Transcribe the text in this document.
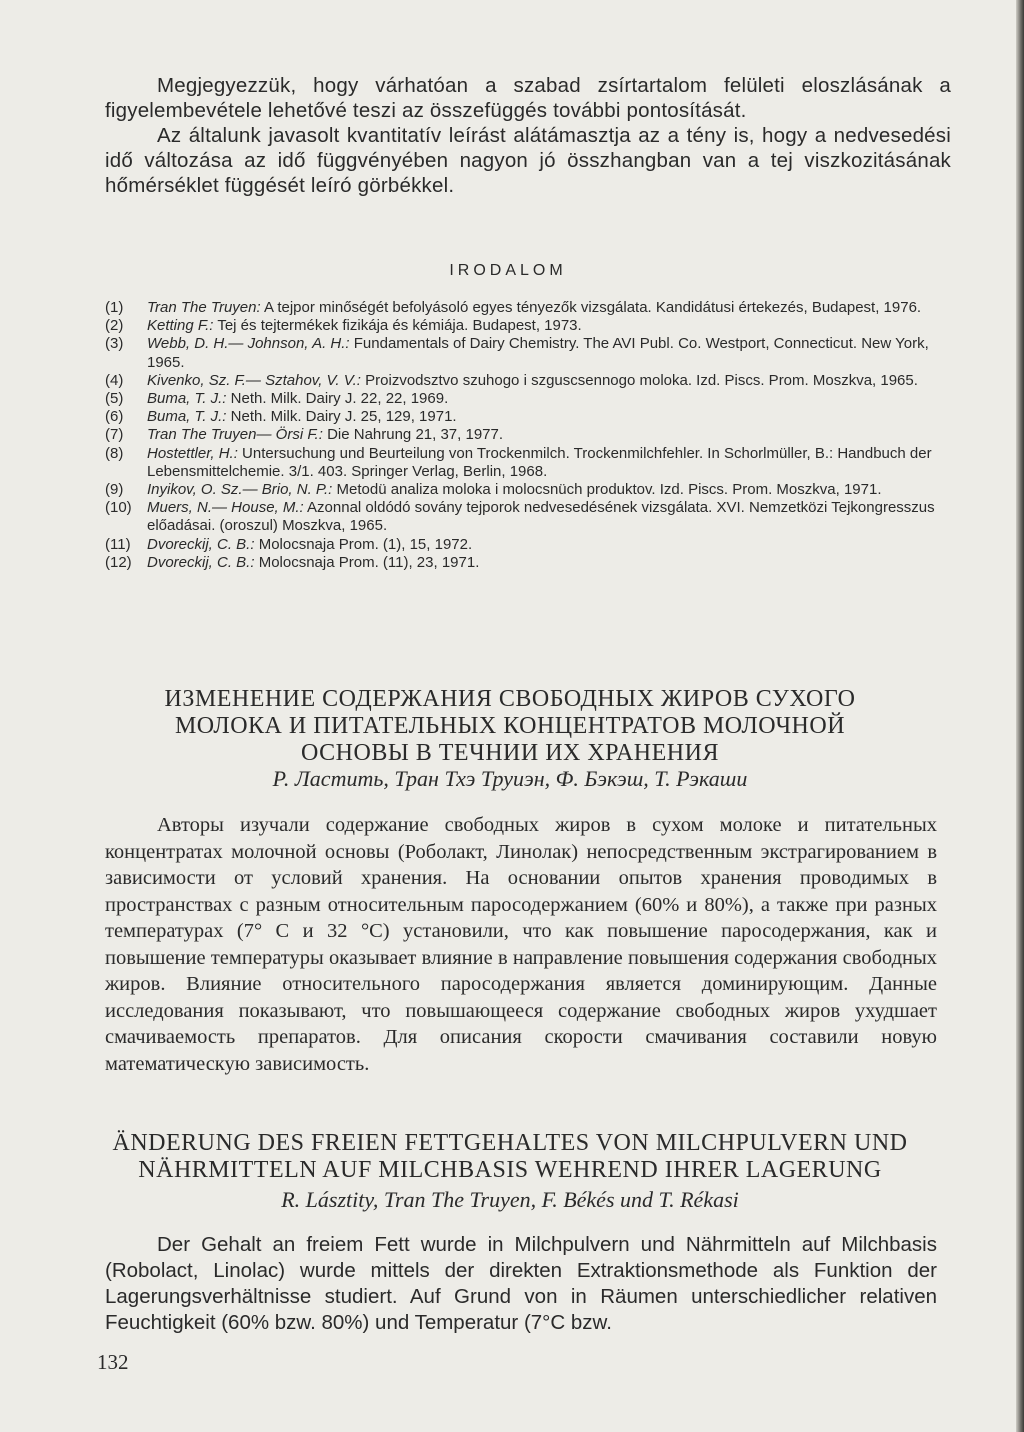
Megjegyezzük, hogy várhatóan a szabad zsírtartalom felületi eloszlásának a figyelembevétele lehetővé teszi az összefüggés további pontosítását.

Az általunk javasolt kvantitatív leírást alátámasztja az a tény is, hogy a nedvesedési idő változása az idő függvényében nagyon jó összhangban van a tej viszkozitásának hőmérséklet függését leíró görbékkel.

IRODALOM
(1)	Tran The Truyen: A tejpor minőségét befolyásoló egyes tényezők vizsgálata. Kandidátusi értekezés, Budapest, 1976.
(2)	Ketting F.: Tej és tejtermékek fizikája és kémiája. Budapest, 1973.
(3)	Webb, D. H.— Johnson, A. H.: Fundamentals of Dairy Chemistry. The AVI Publ. Co. Westport, Connecticut. New York, 1965.
(4)	Kivenko, Sz. F.— Sztahov, V. V.: Proizvodsztvo szuhogo i szguscsennogo moloka. Izd. Piscs. Prom. Moszkva, 1965.
(5)	Buma, T. J.: Neth. Milk. Dairy J. 22, 22, 1969.
(6)	Buma, T. J.: Neth. Milk. Dairy J. 25, 129, 1971.
(7)	Tran The Truyen— Örsi F.: Die Nahrung 21, 37, 1977.
(8)	Hostettler, H.: Untersuchung und Beurteilung von Trockenmilch. Trockenmilchfehler. In Schorlmüller, B.: Handbuch der Lebensmittelchemie. 3/1. 403. Springer Verlag, Berlin, 1968.
(9)	Inyikov, O. Sz.— Brio, N. P.: Metodü analiza moloka i molocsnüch produktov. Izd. Piscs. Prom. Moszkva, 1971.
(10)	Muers, N.— House, M.: Azonnal oldódó sovány tejporok nedvesedésének vizsgálata. XVI. Nemzetközi Tejkongresszus előadásai. (oroszul) Moszkva, 1965.
(11)	Dvoreckij, C. B.: Molocsnaja Prom. (1), 15, 1972.
(12)	Dvoreckij, C. B.: Molocsnaja Prom. (11), 23, 1971.
ИЗМЕНЕНИЕ СОДЕРЖАНИЯ СВОБОДНЫХ ЖИРОВ СУХОГО
МОЛОКА И ПИТАТЕЛЬНЫХ КОНЦЕНТРАТОВ МОЛОЧНОЙ
ОСНОВЫ В ТЕЧНИИ ИХ ХРАНЕНИЯ
Р. Ластить, Тран Тхэ Труиэн, Ф. Бэкэш, Т. Рэкаши

Авторы изучали содержание свободных жиров в сухом молоке и питательных концентратах молочной основы (Роболакт, Линолак) непосредственным экстрагированием в зависимости от условий хранения. На основании опытов хранения проводимых в пространствах с разным относительным паросодержанием (60% и 80%), а также при разных температурах (7° C и 32 °C) установили, что как повышение паросодержания, как и повышение температуры оказывает влияние в направление повышения содержания свободных жиров. Влияние относительного паросодержания является доминирующим. Данные исследования показывают, что повышающееся содержание свободных жиров ухудшает смачиваемость препаратов. Для описания скорости смачивания составили новую математическую зависимость.

ÄNDERUNG DES FREIEN FETTGEHALTES VON MILCHPULVERN UND
NÄHRMITTELN AUF MILCHBASIS WEHREND IHRER LAGERUNG
R. Lásztity, Tran The Truyen, F. Békés und T. Rékasi

Der Gehalt an freiem Fett wurde in Milchpulvern und Nährmitteln auf Milchbasis (Robolact, Linolac) wurde mittels der direkten Extraktionsmethode als Funktion der Lagerungsverhältnisse studiert. Auf Grund von in Räumen unterschiedlicher relativen Feuchtigkeit (60% bzw. 80%) und Temperatur (7°C bzw.

132
